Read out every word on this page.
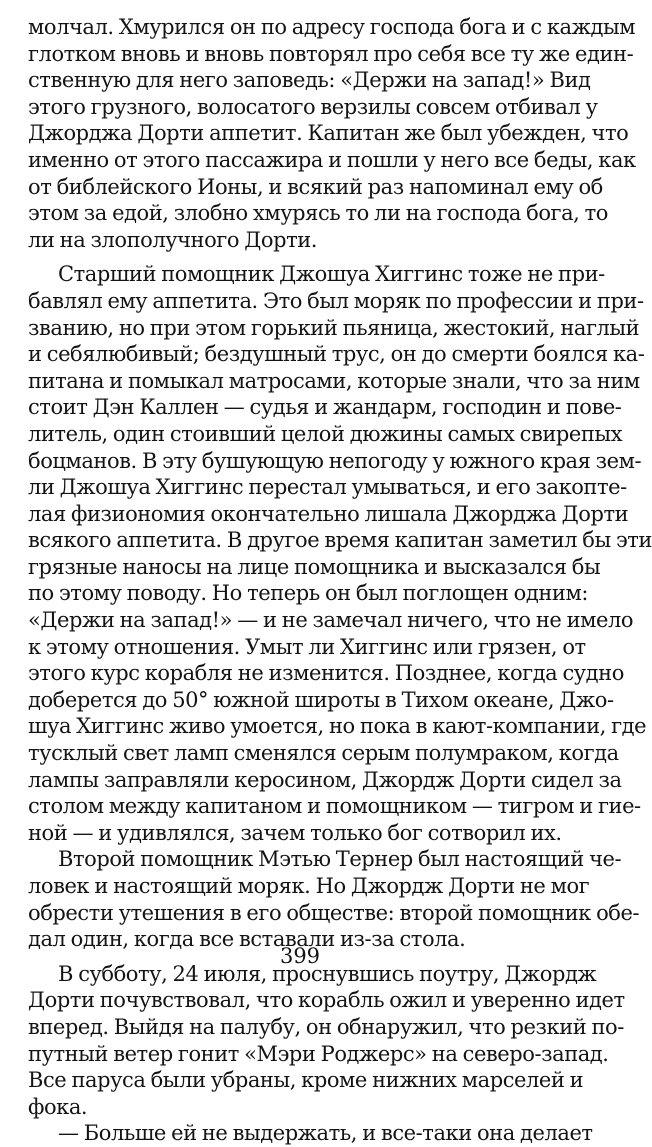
молчал. Хмурился он по адресу господа бога и с каждым
глотком вновь и вновь повторял про себя все ту же един-
ственную для него заповедь: «Держи на запад!» Вид
этого грузного, волосатого верзилы совсем отбивал у
Джорджа Дорти аппетит. Капитан же был убежден, что
именно от этого пассажира и пошли у него все беды, как
от библейского Ионы, и всякий раз напоминал ему об
этом за едой, злобно хмурясь то ли на господа бога, то
ли на злополучного Дорти.
Старший помощник Джошуа Хиггинс тоже не при-
бавлял ему аппетита. Это был моряк по профессии и при-
званию, но при этом горький пьяница, жестокий, наглый
и себялюбивый; бездушный трус, он до смерти боялся ка-
питана и помыкал матросами, которые знали, что за ним
стоит Дэн Каллен — судья и жандарм, господин и пове-
литель, один стоивший целой дюжины самых свирепых
боцманов. В эту бушующую непогоду у южного края зем-
ли Джошуа Хиггинс перестал умываться, и его закопте-
лая физиономия окончательно лишала Джорджа Дорти
всякого аппетита. В другое время капитан заметил бы эти
грязные наносы на лице помощника и высказался бы
по этому поводу. Но теперь он был поглощен одним:
«Держи на запад!» — и не замечал ничего, что не имело
к этому отношения. Умыт ли Хиггинс или грязен, от
этого курс корабля не изменится. Позднее, когда судно
доберется до 50° южной широты в Тихом океане, Джо-
шуа Хиггинс живо умоется, но пока в кают-компании, где
тусклый свет ламп сменялся серым полумраком, когда
лампы заправляли керосином, Джордж Дорти сидел за
столом между капитаном и помощником — тигром и гие-
ной — и удивлялся, зачем только бог сотворил их.
Второй помощник Мэтью Тернер был настоящий че-
ловек и настоящий моряк. Но Джордж Дорти не мог
обрести утешения в его обществе: второй помощник обе-
дал один, когда все вставали из-за стола.
В субботу, 24 июля, проснувшись поутру, Джордж
Дорти почувствовал, что корабль ожил и уверенно идет
вперед. Выйдя на палубу, он обнаружил, что резкий по-
путный ветер гонит «Мэри Роджерс» на северо-запад.
Все паруса были убраны, кроме нижних марселей и
фока.
— Больше ей не выдержать, и все-таки она делает
399
